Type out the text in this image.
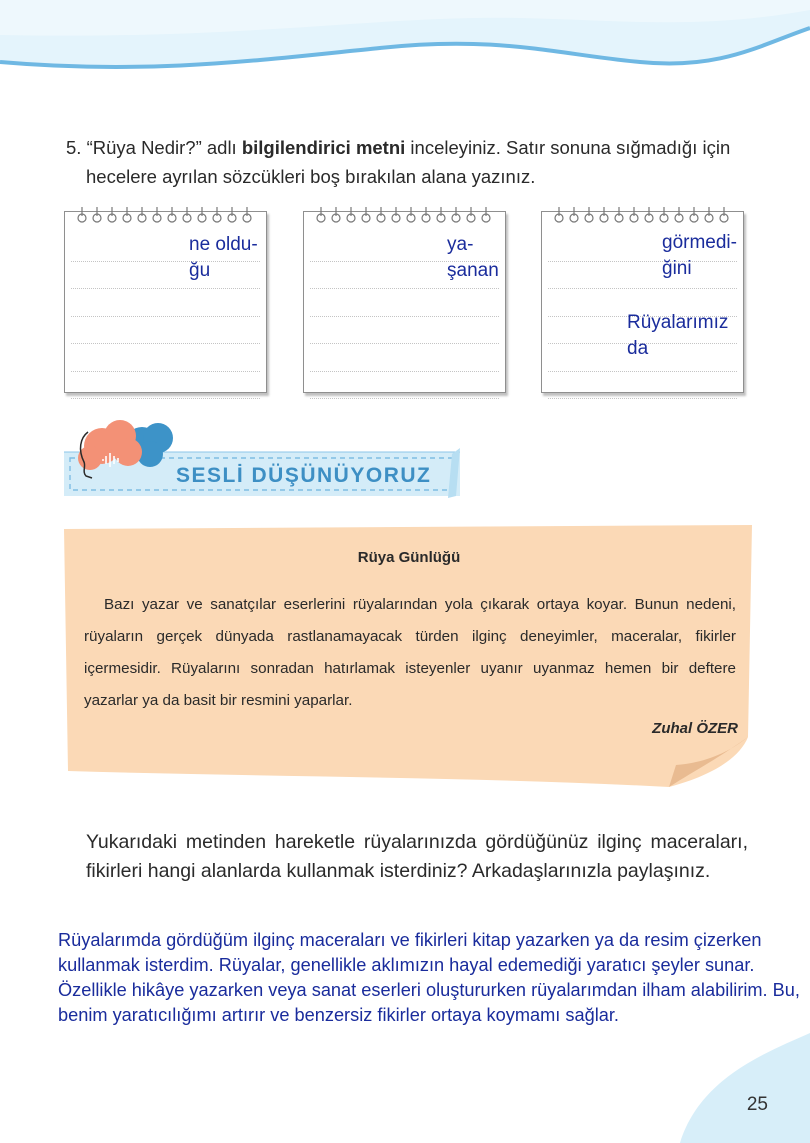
5. “Rüya Nedir?” adlı bilgilendirici metni inceleyiniz. Satır sonuna sığmadığı için hecelere ayrılan sözcükleri boş bırakılan alana yazınız.
ne oldu-
ğu
ya-
şanan
görmedi-
ğini
Rüyalarımız
da
SESLİ DÜŞÜNÜYORUZ
Rüya Günlüğü
Bazı yazar ve sanatçılar eserlerini rüyalarından yola çıkarak ortaya koyar. Bunun nedeni, rüyaların gerçek dünyada rastlanamayacak türden ilginç deneyimler, maceralar, fikirler içermesidir. Rüyalarını sonradan hatırlamak isteyenler uyanır uyanmaz hemen bir deftere yazarlar ya da basit bir resmini yaparlar.
Zuhal ÖZER
Yukarıdaki metinden hareketle rüyalarınızda gördüğünüz ilginç maceraları, fikirleri hangi alanlarda kullanmak isterdiniz? Arkadaşlarınızla paylaşınız.
Rüyalarımda gördüğüm ilginç maceraları ve fikirleri kitap yazarken ya da resim çizerken kullanmak isterdim. Rüyalar, genellikle aklımızın hayal edemediği yaratıcı şeyler sunar. Özellikle hikâye yazarken veya sanat eserleri oluştururken rüyalarımdan ilham alabilirim. Bu, benim yaratıcılığımı artırır ve benzersiz fikirler ortaya koymamı sağlar.
25
